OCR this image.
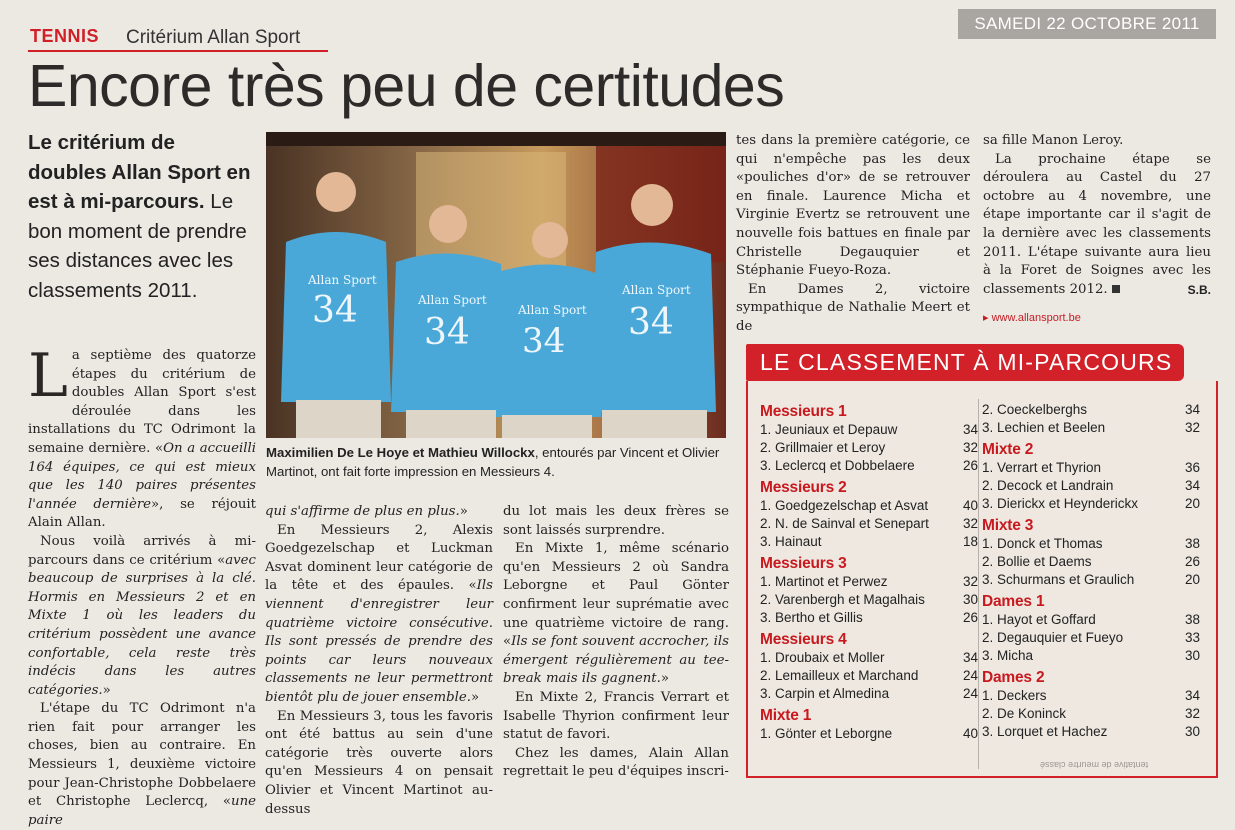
TENNIS Critérium Allan Sport
SAMEDI 22 OCTOBRE 2011
Encore très peu de certitudes
Le critérium de doubles Allan Sport en est à mi-parcours. Le bon moment de prendre ses distances avec les classements 2011.	Allan Sport
34	Allan Sport
34
Allan Sport
34
Allan Sport
34
Maximilien De Le Hoye et Mathieu Willockx, entourés par Vincent et Olivier Martinot, ont fait forte impression en Messieurs 4.

La septième des quatorze étapes du critérium de doubles Allan Sport s'est déroulée dans les installations du TC Odrimont la semaine dernière. «On a accueilli 164 équipes, ce qui est mieux que les 140 paires présentes l'année dernière», se réjouit Alain Allan.

Nous voilà arrivés à mi-parcours dans ce critérium «avec beaucoup de surprises à la clé. Hormis en Messieurs 2 et en Mixte 1 où les leaders du critérium possèdent une avance confortable, cela reste très indécis dans les autres catégories.»

L'étape du TC Odrimont n'a rien fait pour arranger les choses, bien au contraire. En Messieurs 1, deuxième victoire pour Jean-Christophe Dobbelaere et Christophe Leclercq, «une paire

qui s'affirme de plus en plus.»

En Messieurs 2, Alexis Goedgezelschap et Luckman Asvat dominent leur catégorie de la tête et des épaules. «Ils viennent d'enregistrer leur quatrième victoire consécutive. Ils sont pressés de prendre des points car leurs nouveaux classements ne leur permettront bientôt plu de jouer ensemble.»

En Messieurs 3, tous les favoris ont été battus au sein d'une catégorie très ouverte alors qu'en Messieurs 4 on pensait Olivier et Vincent Martinot au-dessus

du lot mais les deux frères se sont laissés surprendre.

En Mixte 1, même scénario qu'en Messieurs 2 où Sandra Leborgne et Paul Gönter confirment leur suprématie avec une quatrième victoire de rang. «Ils se font souvent accrocher, ils émergent régulièrement au tee-break mais ils gagnent.»

En Mixte 2, Francis Verrart et Isabelle Thyrion confirment leur statut de favori.

Chez les dames, Alain Allan regrettait le peu d'équipes inscri-

tes dans la première catégorie, ce qui n'empêche pas les deux «pouliches d'or» de se retrouver en finale. Laurence Micha et Virginie Evertz se retrouvent une nouvelle fois battues en finale par Christelle Degauquier et Stéphanie Fueyo-Roza.

En Dames 2, victoire sympathique de Nathalie Meert et de

sa fille Manon Leroy.

La prochaine étape se déroulera au Castel du 27 octobre au 4 novembre, une étape importante car il s'agit de la dernière avec les classements 2011. L'étape suivante aura lieu à la Foret de Soignes avec les classements 2012.	S.B.

▸ www.allansport.be
LE CLASSEMENT À MI-PARCOURS
Messieurs 1
1. Jeuniaux et Depauw	34
2. Grillmaier et Leroy	32
3. Leclercq et Dobbelaere	26
Messieurs 2
1. Goedgezelschap et Asvat	40
2. N. de Sainval et Senepart	32
3. Hainaut	18
Messieurs 3
1. Martinot et Perwez	32
2. Varenbergh et Magalhais	30
3. Bertho et Gillis	26
Messieurs 4
1. Droubaix et Moller	34
2. Lemailleux et Marchand	24
3. Carpin et Almedina	24
Mixte 1
1. Gönter et Leborgne	40
2. Coeckelberghs	34
3. Lechien et Beelen	32
Mixte 2
1. Verrart et Thyrion	36
2. Decock et Landrain	34
3. Dierickx et Heynderickx	20
Mixte 3
1. Donck et Thomas	38
2. Bollie et Daems	26
3. Schurmans et Graulich	20
Dames 1
1. Hayot et Goffard	38
2. Degauquier et Fueyo	33
3. Micha	30
Dames 2
1. Deckers	34
2. De Koninck	32
3. Lorquet et Hachez	30
tentative de meurtre classé
